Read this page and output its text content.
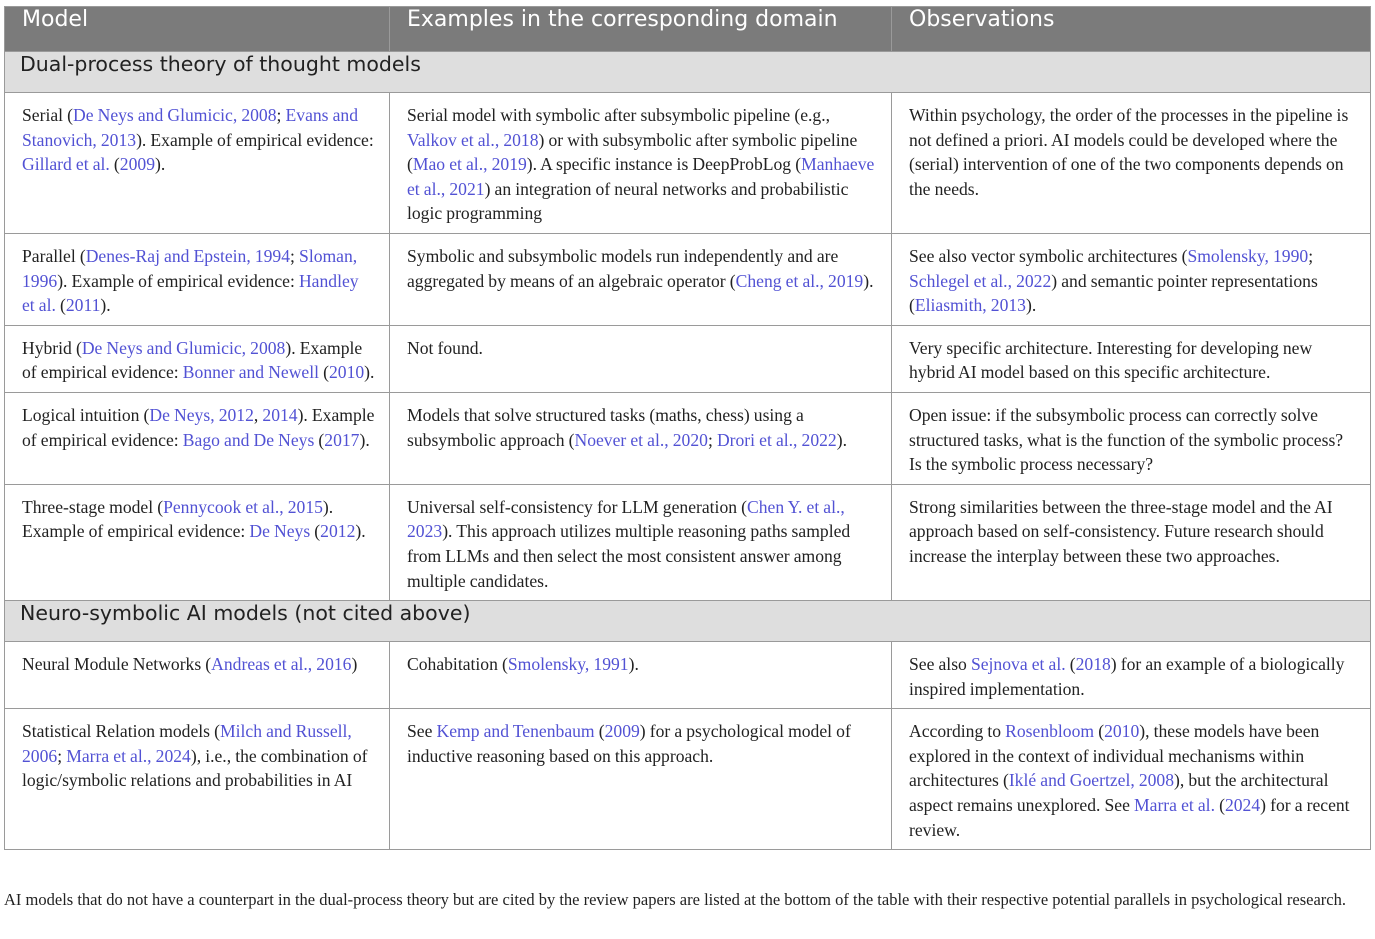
Model	Examples in the corresponding domain	Observations
Dual-process theory of thought models		
Serial (De Neys and Glumicic, 2008; Evans and Stanovich, 2013). Example of empirical evidence: Gillard et al. (2009).	Serial model with symbolic after subsymbolic pipeline (e.g., Valkov et al., 2018) or with subsymbolic after symbolic pipeline (Mao et al., 2019). A specific instance is DeepProbLog (Manhaeve et al., 2021) an integration of neural networks and probabilistic logic programming	Within psychology, the order of the processes in the pipeline is not defined a priori. AI models could be developed where the (serial) intervention of one of the two components depends on the needs.
Parallel (Denes-Raj and Epstein, 1994; Sloman, 1996). Example of empirical evidence: Handley et al. (2011).	Symbolic and subsymbolic models run independently and are aggregated by means of an algebraic operator (Cheng et al., 2019).	See also vector symbolic architectures (Smolensky, 1990; Schlegel et al., 2022) and semantic pointer representations (Eliasmith, 2013).
Hybrid (De Neys and Glumicic, 2008). Example of empirical evidence: Bonner and Newell (2010).	Not found.	Very specific architecture. Interesting for developing new hybrid AI model based on this specific architecture.
Logical intuition (De Neys, 2012, 2014). Example of empirical evidence: Bago and De Neys (2017).	Models that solve structured tasks (maths, chess) using a subsymbolic approach (Noever et al., 2020; Drori et al., 2022).	Open issue: if the subsymbolic process can correctly solve structured tasks, what is the function of the symbolic process? Is the symbolic process necessary?
Three-stage model (Pennycook et al., 2015). Example of empirical evidence: De Neys (2012).	Universal self-consistency for LLM generation (Chen Y. et al., 2023). This approach utilizes multiple reasoning paths sampled from LLMs and then select the most consistent answer among multiple candidates.	Strong similarities between the three-stage model and the AI approach based on self-consistency. Future research should increase the interplay between these two approaches.
Neuro-symbolic AI models (not cited above)		
Neural Module Networks (Andreas et al., 2016)	Cohabitation (Smolensky, 1991).	See also Sejnova et al. (2018) for an example of a biologically inspired implementation.
Statistical Relation models (Milch and Russell, 2006; Marra et al., 2024), i.e., the combination of logic/symbolic relations and probabilities in AI	See Kemp and Tenenbaum (2009) for a psychological model of inductive reasoning based on this approach.	According to Rosenbloom (2010), these models have been explored in the context of individual mechanisms within architectures (Iklé and Goertzel, 2008), but the architectural aspect remains unexplored. See Marra et al. (2024) for a recent review.

AI models that do not have a counterpart in the dual-process theory but are cited by the review papers are listed at the bottom of the table with their respective potential parallels in psychological research.
